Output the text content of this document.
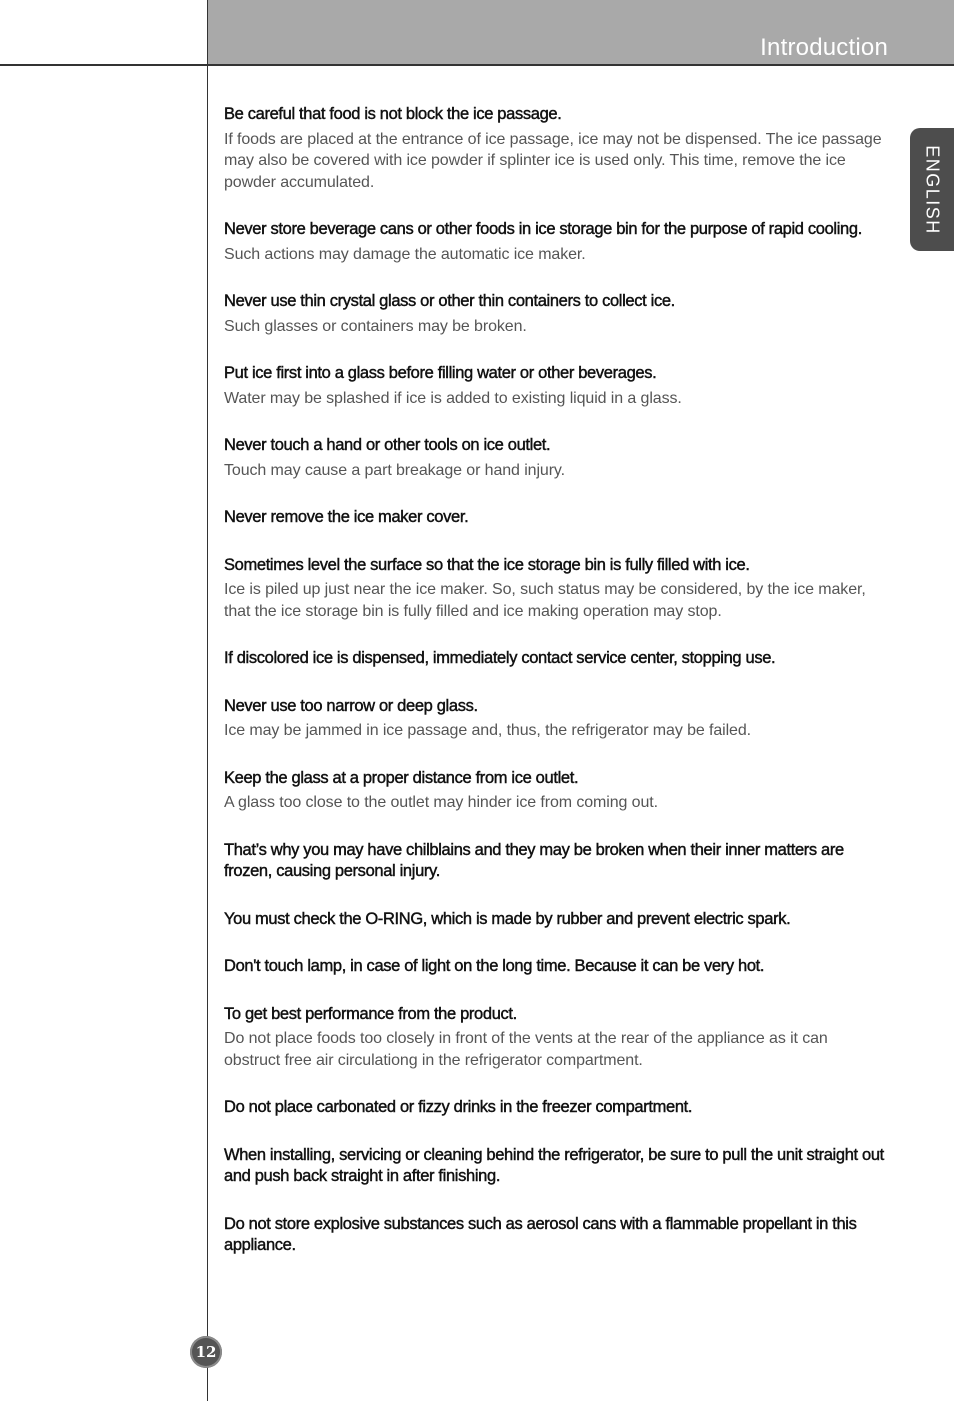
Introduction
ENGLISH
Be careful that food is not block the ice passage.

If foods are placed at the entrance of ice passage, ice may not be dispensed. The ice passage may also be covered with ice powder if splinter ice is used only. This time, remove the ice powder accumulated.

Never store beverage cans or other foods in ice storage bin for the purpose of rapid cooling.

Such actions may damage the automatic ice maker.

Never use thin crystal glass or other thin containers to collect ice.

Such glasses or containers may be broken.

Put ice first into a glass before filling water or other beverages.

Water may be splashed if ice is added to existing liquid in a glass.

Never touch a hand or other tools on ice outlet.

Touch may cause a part breakage or hand injury.

Never remove the ice maker cover.
Sometimes level the surface so that the ice storage bin is fully filled with ice.

Ice is piled up just near the ice maker. So, such status may be considered, by the ice maker, that the ice storage bin is fully filled and ice making operation may stop.

If discolored ice is dispensed, immediately contact service center, stopping use.
Never use too narrow or deep glass.

Ice may be jammed in ice passage and, thus, the refrigerator may be failed.

Keep the glass at a proper distance from ice outlet.

A glass too close to the outlet may hinder ice from coming out.

That’s why you may have chilblains and they may be broken when their inner matters are frozen, causing personal injury.
You must check the O-RING, which is made by rubber and prevent electric spark.
Don't touch lamp, in case of light on the long time. Because it can be very hot.
To get best performance from the product.

Do not place foods too closely in front of the vents at the rear of the appliance as it can obstruct free air circulationg in the refrigerator compartment.

Do not place carbonated or fizzy drinks in the freezer compartment.
When installing, servicing or cleaning behind the refrigerator, be sure to pull the unit straight out and push back straight in after finishing.
Do not store explosive substances such as aerosol cans with a flammable propellant in this appliance.
12
